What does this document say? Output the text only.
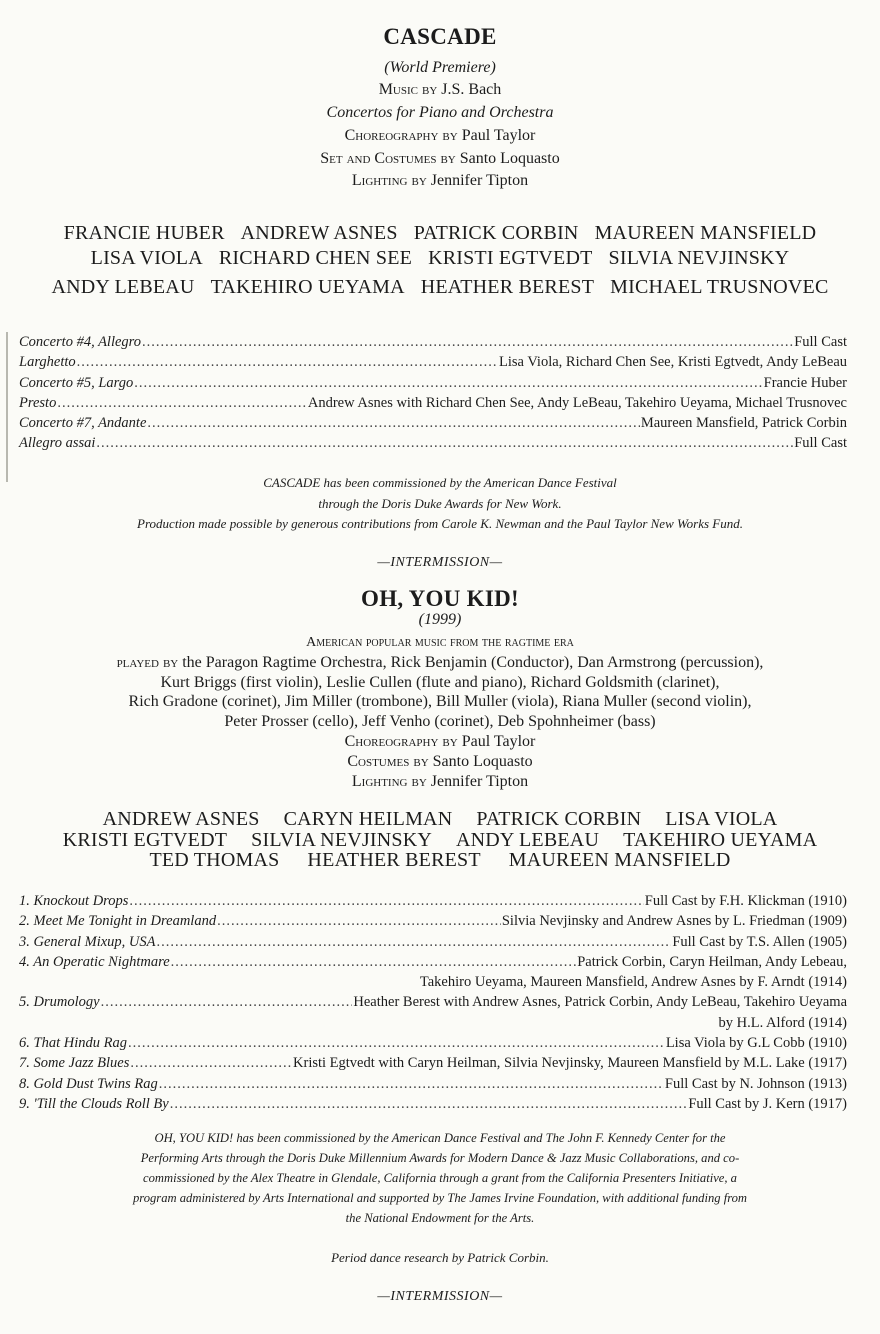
CASCADE
(World Premiere)
Music by J.S. Bach
Concertos for Piano and Orchestra
Choreography by Paul Taylor
Set and Costumes by Santo Loquasto
Lighting by Jennifer Tipton
FRANCIE HUBER ANDREW ASNES PATRICK CORBIN MAUREEN MANSFIELD
LISA VIOLA RICHARD CHEN SEE KRISTI EGTVEDT SILVIA NEVJINSKY
ANDY LEBEAU TAKEHIRO UEYAMA HEATHER BEREST MICHAEL TRUSNOVEC
Concerto #4, Allegro .....	Full Cast
Larghetto .....	Lisa Viola, Richard Chen See, Kristi Egtvedt, Andy LeBeau
Concerto #5, Largo .....	Francie Huber
Presto .....	Andrew Asnes with Richard Chen See, Andy LeBeau, Takehiro Ueyama, Michael Trusnovec
Concerto #7, Andante .....	Maureen Mansfield, Patrick Corbin
Allegro assai .....	Full Cast
CASCADE has been commissioned by the American Dance Festival
through the Doris Duke Awards for New Work.
Production made possible by generous contributions from Carole K. Newman and the Paul Taylor New Works Fund.
—INTERMISSION—
OH, YOU KID!
(1999)
American popular music from the ragtime era
played by the Paragon Ragtime Orchestra, Rick Benjamin (Conductor), Dan Armstrong (percussion),
Kurt Briggs (first violin), Leslie Cullen (flute and piano), Richard Goldsmith (clarinet),
Rich Gradone (corinet), Jim Miller (trombone), Bill Muller (viola), Riana Muller (second violin),
Peter Prosser (cello), Jeff Venho (corinet), Deb Spohnheimer (bass)
Choreography by Paul Taylor
Costumes by Santo Loquasto
Lighting by Jennifer Tipton
ANDREW ASNES CARYN HEILMAN PATRICK CORBIN LISA VIOLA
KRISTI EGTVEDT SILVIA NEVJINSKY ANDY LEBEAU TAKEHIRO UEYAMA
TED THOMAS HEATHER BEREST MAUREEN MANSFIELD
1. Knockout Drops .....	Full Cast by F.H. Klickman (1910)
2. Meet Me Tonight in Dreamland .....	Silvia Nevjinsky and Andrew Asnes by L. Friedman (1909)
3. General Mixup, USA .....	Full Cast by T.S. Allen (1905)
4. An Operatic Nightmare .....	Patrick Corbin, Caryn Heilman, Andy Lebeau,
Takehiro Ueyama, Maureen Mansfield, Andrew Asnes by F. Arndt (1914)
5. Drumology .....	Heather Berest with Andrew Asnes, Patrick Corbin, Andy LeBeau, Takehiro Ueyama
by H.L. Alford (1914)
6. That Hindu Rag .....	Lisa Viola by G.L Cobb (1910)
7. Some Jazz Blues .....	Kristi Egtvedt with Caryn Heilman, Silvia Nevjinsky, Maureen Mansfield by M.L. Lake (1917)
8. Gold Dust Twins Rag .....	Full Cast by N. Johnson (1913)
9. 'Till the Clouds Roll By .....	Full Cast by J. Kern (1917)
OH, YOU KID! has been commissioned by the American Dance Festival and The John F. Kennedy Center for the
Performing Arts through the Doris Duke Millennium Awards for Modern Dance & Jazz Music Collaborations, and co-
commissioned by the Alex Theatre in Glendale, California through a grant from the California Presenters Initiative, a
program administered by Arts International and supported by The James Irvine Foundation, with additional funding from
the National Endowment for the Arts.
Period dance research by Patrick Corbin.
—INTERMISSION—
